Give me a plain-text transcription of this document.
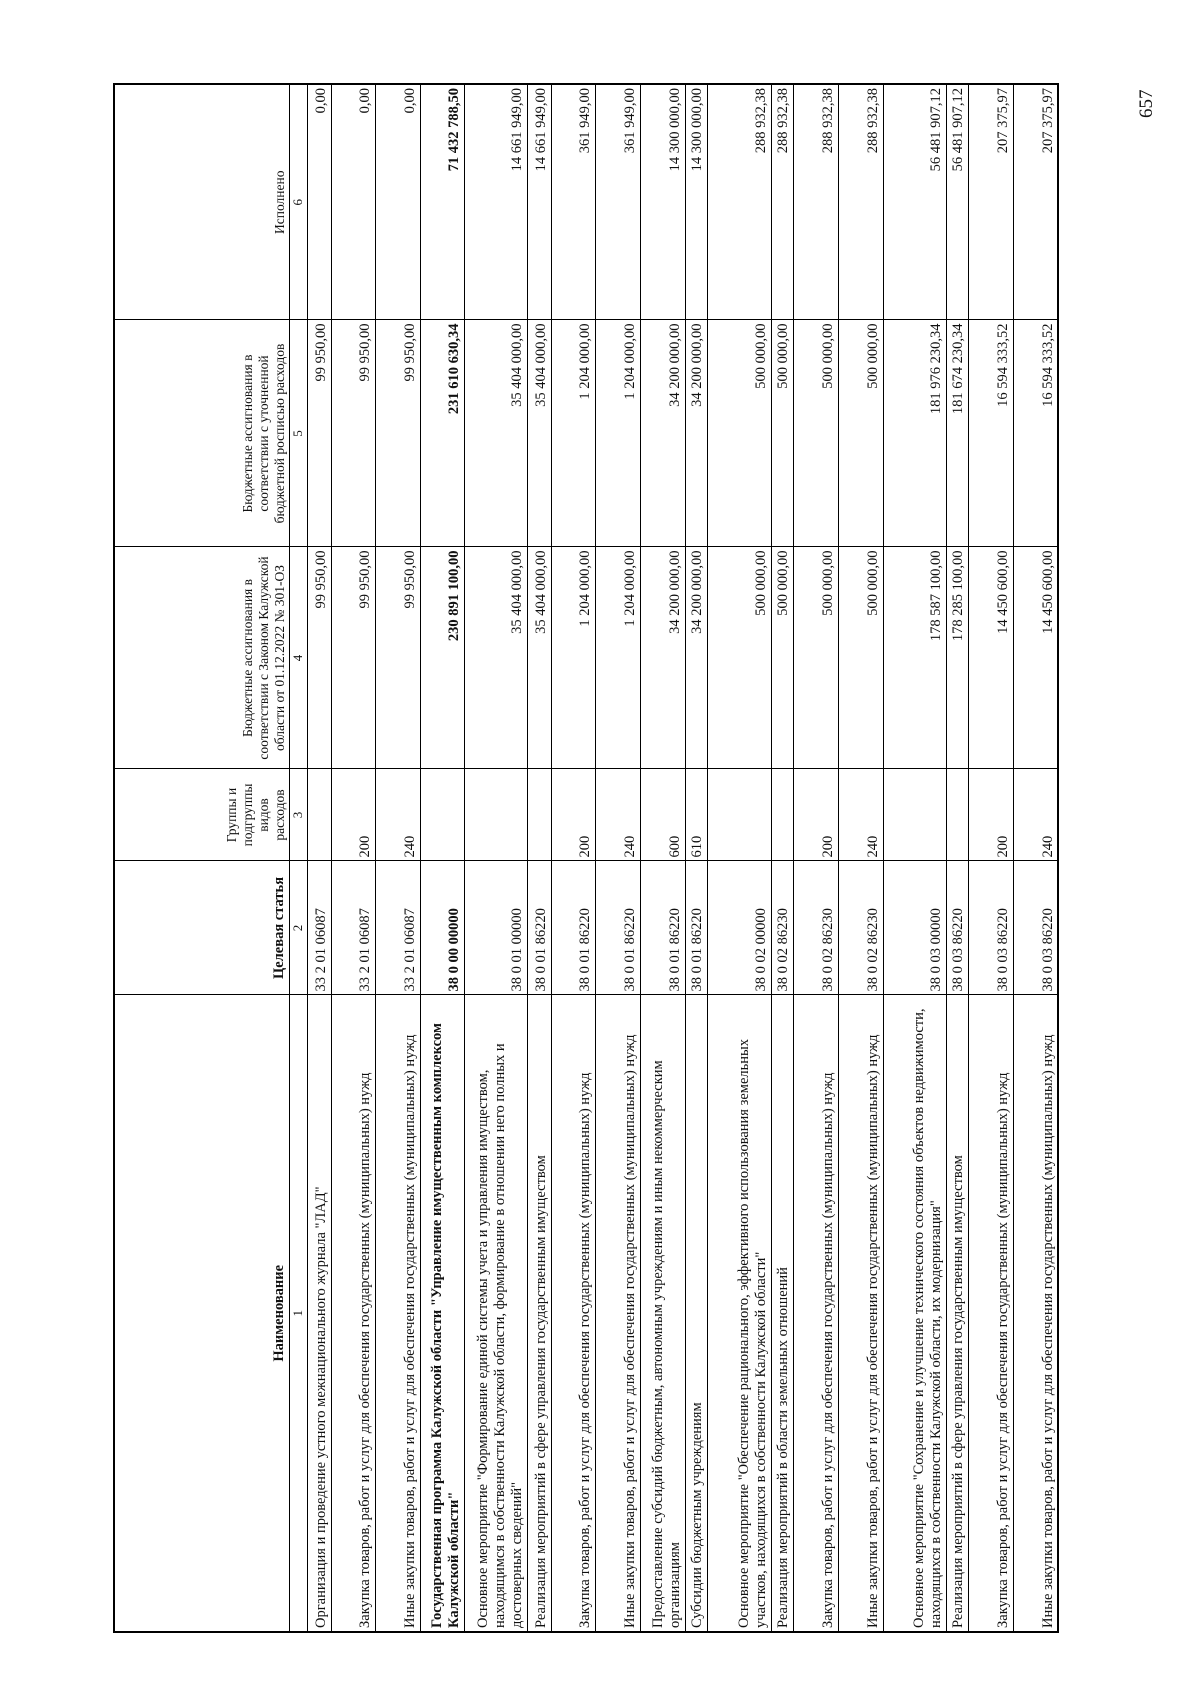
657
Наименование	Целевая статья	Группы и подгруппы видов расходов	Бюджетные ассигнования в соответствии с Законом Калужской области от 01.12.2022 № 301-ОЗ	Бюджетные ассигнования в соответствии с уточненной бюджетной росписью расходов	Исполнено
1	2	3	4	5	6
Организация и проведение устного межнационального журнала "ЛАД"	33 2 01 06087		99 950,00	99 950,00	0,00
Закупка товаров, работ и услуг для обеспечения государственных (муниципальных) нужд	33 2 01 06087	200	99 950,00	99 950,00	0,00
Иные закупки товаров, работ и услуг для обеспечения государственных (муниципальных) нужд	33 2 01 06087	240	99 950,00	99 950,00	0,00
Государственная программа Калужской области "Управление имущественным комплексом Калужской области"	38 0 00 00000		230 891 100,00	231 610 630,34	71 432 788,50
Основное мероприятие "Формирование единой системы учета и управления имуществом, находящимся в собственности Калужской области, формирование в отношении него полных и достоверных сведений"	38 0 01 00000		35 404 000,00	35 404 000,00	14 661 949,00
Реализация мероприятий в сфере управления государственным имуществом	38 0 01 86220		35 404 000,00	35 404 000,00	14 661 949,00
Закупка товаров, работ и услуг для обеспечения государственных (муниципальных) нужд	38 0 01 86220	200	1 204 000,00	1 204 000,00	361 949,00
Иные закупки товаров, работ и услуг для обеспечения государственных (муниципальных) нужд	38 0 01 86220	240	1 204 000,00	1 204 000,00	361 949,00
Предоставление субсидий бюджетным, автономным учреждениям и иным некоммерческим организациям	38 0 01 86220	600	34 200 000,00	34 200 000,00	14 300 000,00
Субсидии бюджетным учреждениям	38 0 01 86220	610	34 200 000,00	34 200 000,00	14 300 000,00
Основное мероприятие "Обеспечение рационального, эффективного использования земельных участков, находящихся в собственности Калужской области"	38 0 02 00000		500 000,00	500 000,00	288 932,38
Реализация мероприятий в области земельных отношений	38 0 02 86230		500 000,00	500 000,00	288 932,38
Закупка товаров, работ и услуг для обеспечения государственных (муниципальных) нужд	38 0 02 86230	200	500 000,00	500 000,00	288 932,38
Иные закупки товаров, работ и услуг для обеспечения государственных (муниципальных) нужд	38 0 02 86230	240	500 000,00	500 000,00	288 932,38
Основное мероприятие "Сохранение и улучшение технического состояния объектов недвижимости, находящихся в собственности Калужской области, их модернизация"	38 0 03 00000		178 587 100,00	181 976 230,34	56 481 907,12
Реализация мероприятий в сфере управления государственным имуществом	38 0 03 86220		178 285 100,00	181 674 230,34	56 481 907,12
Закупка товаров, работ и услуг для обеспечения государственных (муниципальных) нужд	38 0 03 86220	200	14 450 600,00	16 594 333,52	207 375,97
Иные закупки товаров, работ и услуг для обеспечения государственных (муниципальных) нужд	38 0 03 86220	240	14 450 600,00	16 594 333,52	207 375,97
